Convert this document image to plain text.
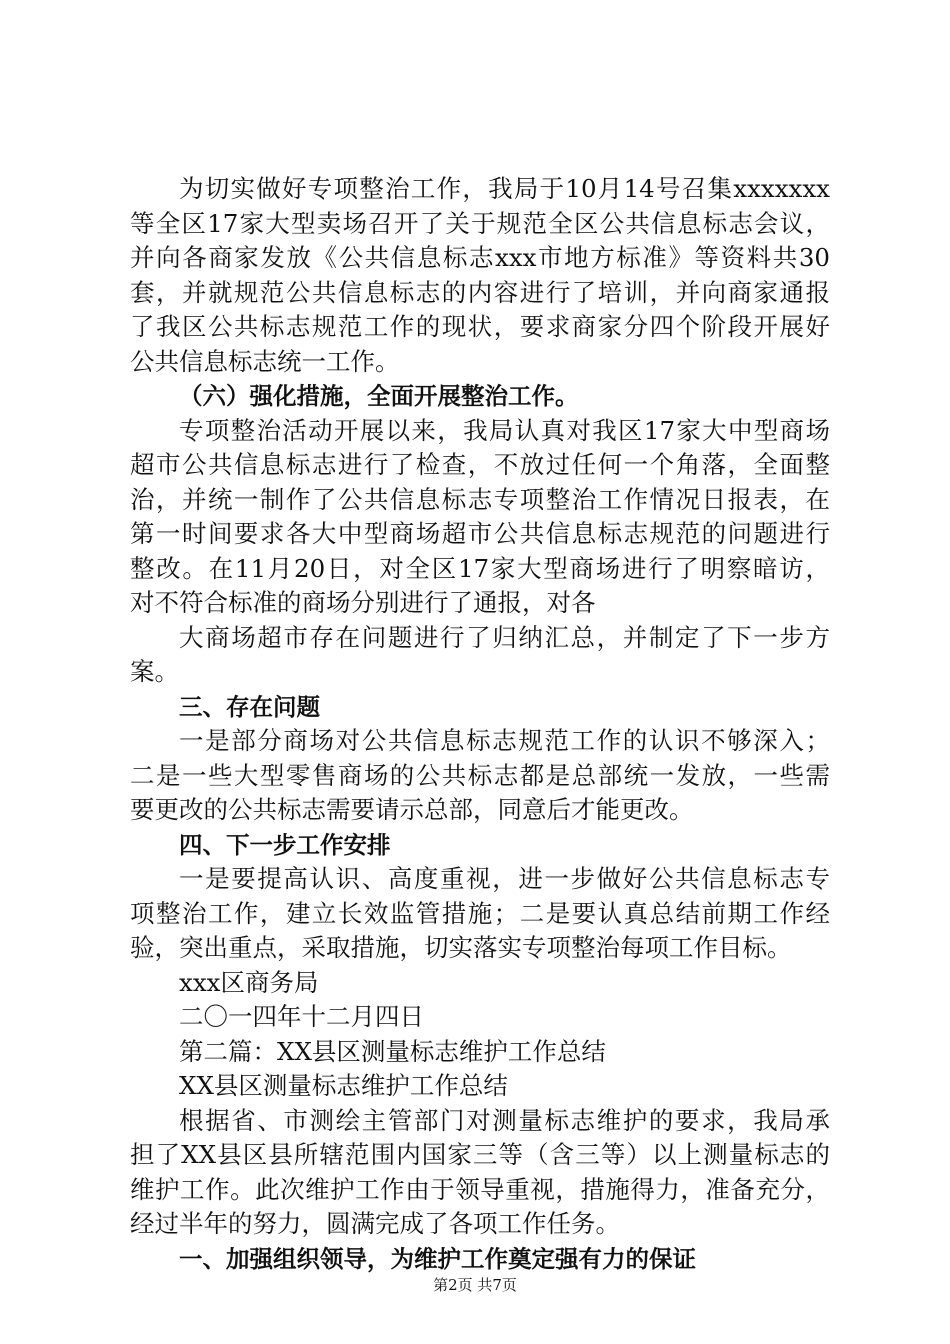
为切实做好专项整治工作，我局于10月14号召集xxxxxxx
等全区17家大型卖场召开了关于规范全区公共信息标志会议，
并向各商家发放《公共信息标志xxx市地方标准》等资料共30
套，并就规范公共信息标志的内容进行了培训，并向商家通报
了我区公共标志规范工作的现状，要求商家分四个阶段开展好
公共信息标志统一工作。
（六）强化措施，全面开展整治工作。
专项整治活动开展以来，我局认真对我区17家大中型商场
超市公共信息标志进行了检查，不放过任何一个角落，全面整
治，并统一制作了公共信息标志专项整治工作情况日报表，在
第一时间要求各大中型商场超市公共信息标志规范的问题进行
整改。在11月20日，对全区17家大型商场进行了明察暗访，
对不符合标准的商场分别进行了通报，对各
大商场超市存在问题进行了归纳汇总，并制定了下一步方
案。
三、存在问题
一是部分商场对公共信息标志规范工作的认识不够深入；
二是一些大型零售商场的公共标志都是总部统一发放，一些需
要更改的公共标志需要请示总部，同意后才能更改。
四、下一步工作安排
一是要提高认识、高度重视，进一步做好公共信息标志专
项整治工作，建立长效监管措施；二是要认真总结前期工作经
验，突出重点，采取措施，切实落实专项整治每项工作目标。
xxx区商务局
二〇一四年十二月四日
第二篇：XX县区测量标志维护工作总结
XX县区测量标志维护工作总结
根据省、市测绘主管部门对测量标志维护的要求，我局承
担了XX县区县所辖范围内国家三等（含三等）以上测量标志的
维护工作。此次维护工作由于领导重视，措施得力，准备充分，
经过半年的努力，圆满完成了各项工作任务。
一、加强组织领导，为维护工作奠定强有力的保证
第2页 共7页
